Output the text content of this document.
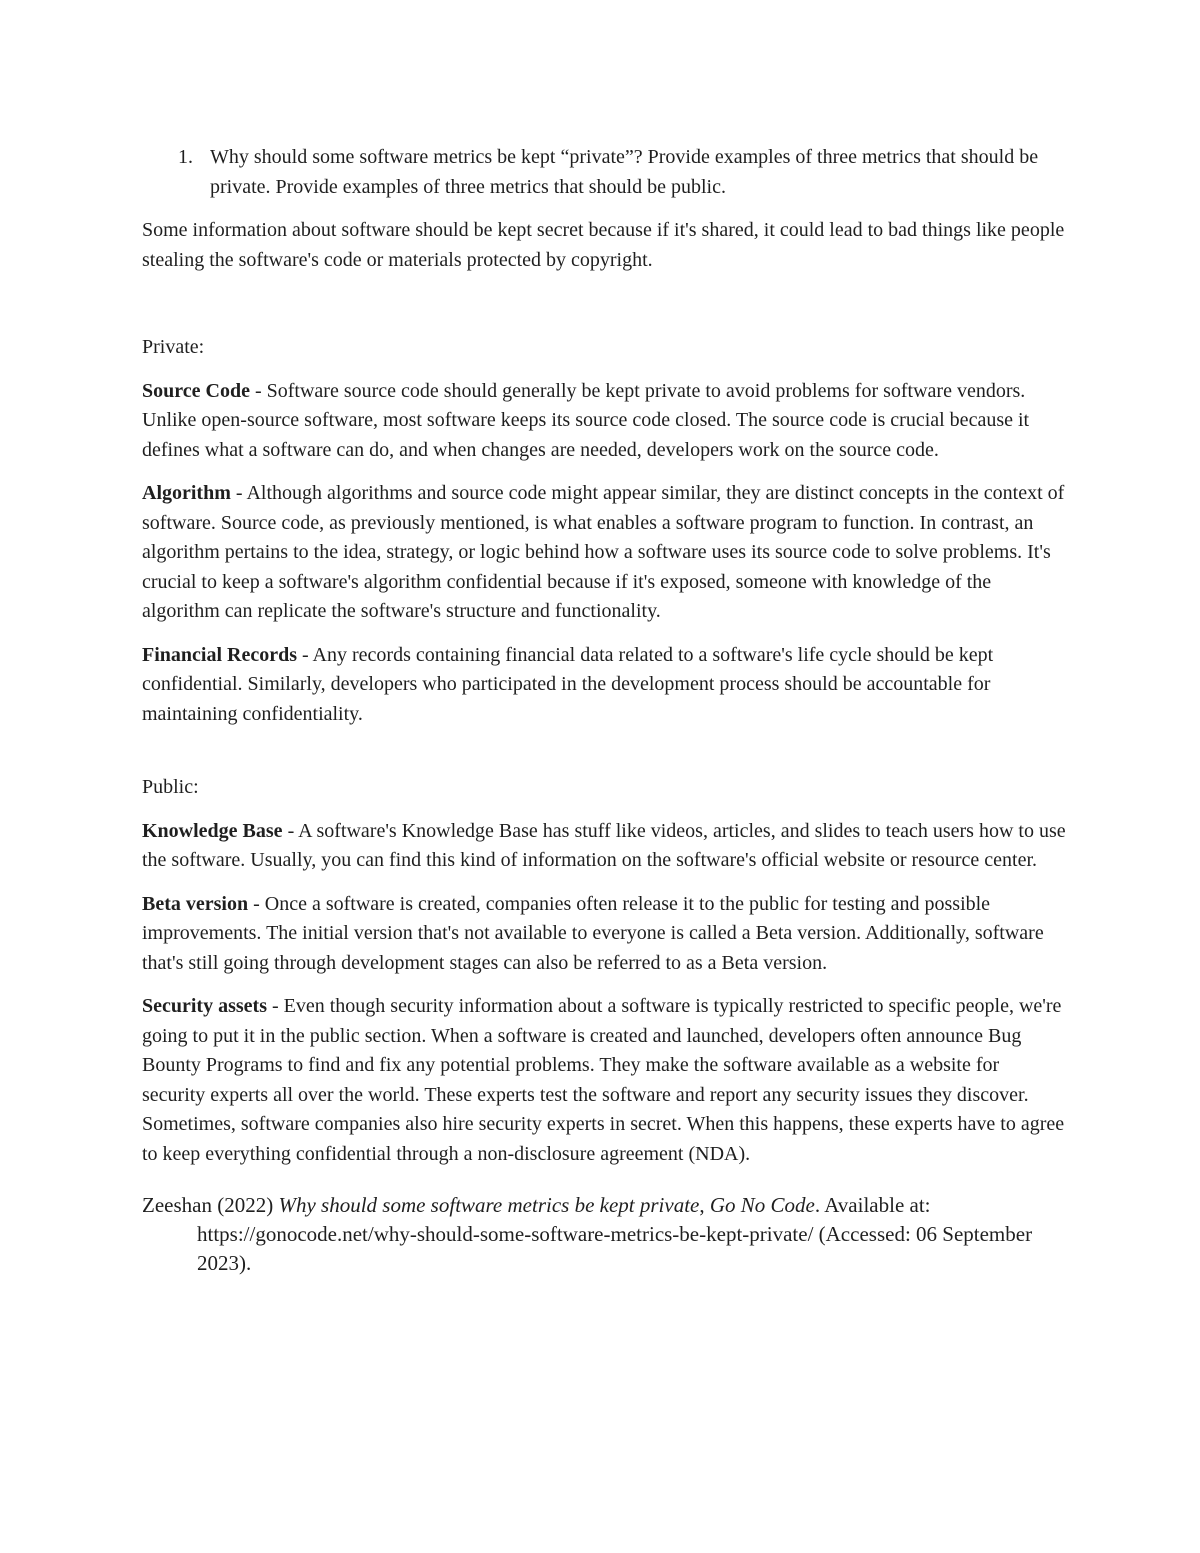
1. Why should some software metrics be kept “private”? Provide examples of three metrics that should be private. Provide examples of three metrics that should be public.

Some information about software should be kept secret because if it's shared, it could lead to bad things like people stealing the software's code or materials protected by copyright.

Private:

Source Code - Software source code should generally be kept private to avoid problems for software vendors. Unlike open-source software, most software keeps its source code closed. The source code is crucial because it defines what a software can do, and when changes are needed, developers work on the source code.

Algorithm - Although algorithms and source code might appear similar, they are distinct concepts in the context of software. Source code, as previously mentioned, is what enables a software program to function. In contrast, an algorithm pertains to the idea, strategy, or logic behind how a software uses its source code to solve problems. It's crucial to keep a software's algorithm confidential because if it's exposed, someone with knowledge of the algorithm can replicate the software's structure and functionality.

Financial Records - Any records containing financial data related to a software's life cycle should be kept confidential. Similarly, developers who participated in the development process should be accountable for maintaining confidentiality.

Public:

Knowledge Base - A software's Knowledge Base has stuff like videos, articles, and slides to teach users how to use the software. Usually, you can find this kind of information on the software's official website or resource center.

Beta version - Once a software is created, companies often release it to the public for testing and possible improvements. The initial version that's not available to everyone is called a Beta version. Additionally, software that's still going through development stages can also be referred to as a Beta version.

Security assets - Even though security information about a software is typically restricted to specific people, we're going to put it in the public section. When a software is created and launched, developers often announce Bug Bounty Programs to find and fix any potential problems. They make the software available as a website for security experts all over the world. These experts test the software and report any security issues they discover. Sometimes, software companies also hire security experts in secret. When this happens, these experts have to agree to keep everything confidential through a non-disclosure agreement (NDA).

Zeeshan (2022) Why should some software metrics be kept private, Go No Code. Available at: https://gonocode.net/why-should-some-software-metrics-be-kept-private/ (Accessed: 06 September 2023).
